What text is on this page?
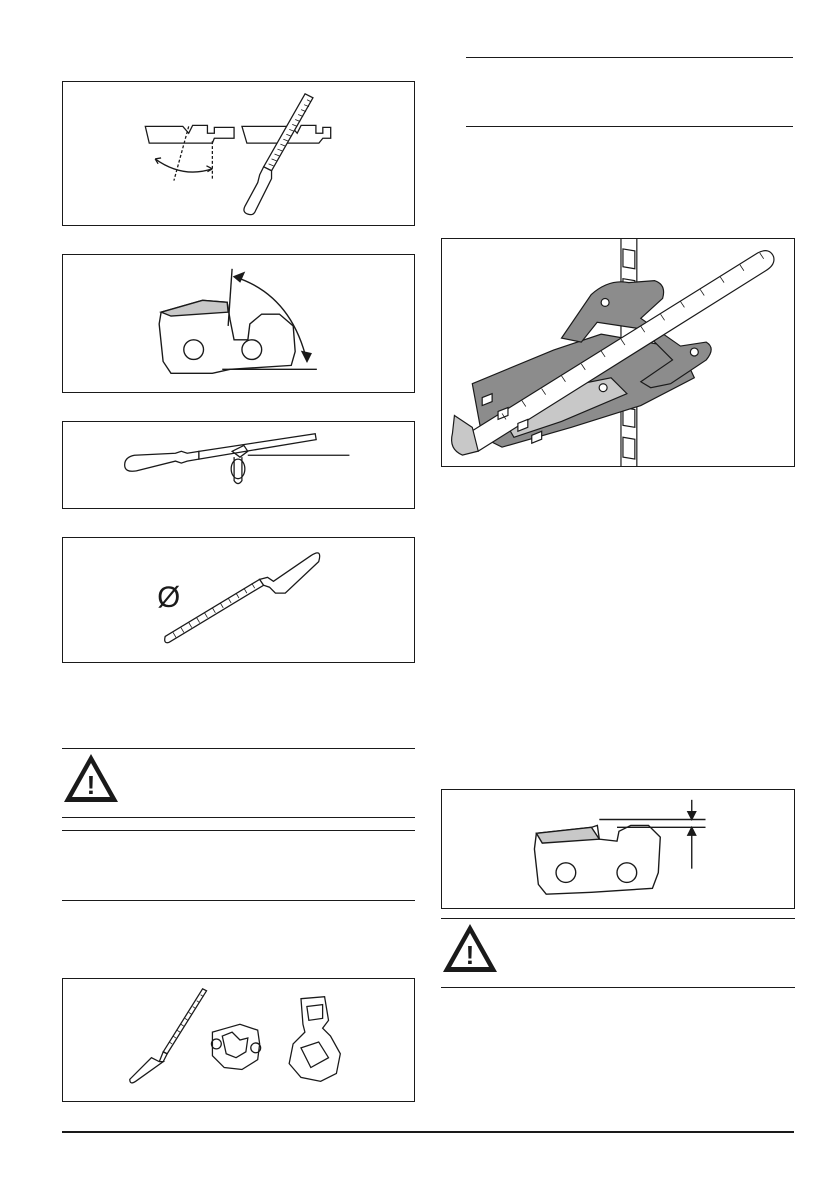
Ø
!
!
